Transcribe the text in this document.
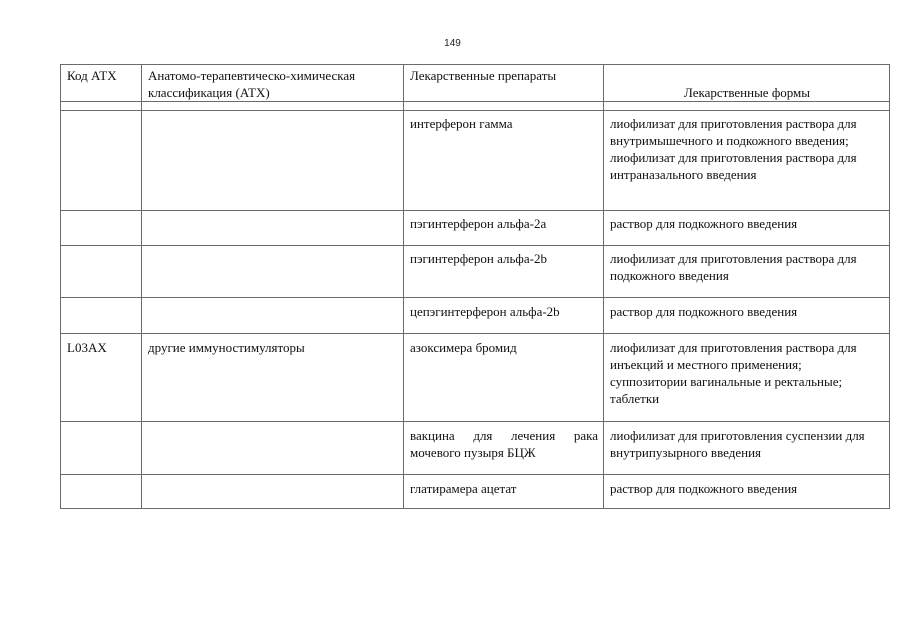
149
Код АТХ	Анатомо-терапевтическо-химическая классификация (АТХ)	Лекарственные препараты	Лекарственные формы

		интерферон гамма	лиофилизат для приготовления раствора для внутримышечного и подкожного введения;
лиофилизат для приготовления раствора для интраназального введения

		пэгинтерферон альфа-2а	раствор для подкожного введения

		пэгинтерферон альфа-2b	лиофилизат для приготовления раствора для подкожного введения

		цепэгинтерферон альфа-2b	раствор для подкожного введения

L03AX	другие иммуностимуляторы	азоксимера бромид	лиофилизат для приготовления раствора для инъекций и местного применения;
суппозитории вагинальные и ректальные;
таблетки

		вакцина для лечения рака мочевого пузыря БЦЖ	лиофилизат для приготовления суспензии для внутрипузырного введения

		глатирамера ацетат	раствор для подкожного введения
